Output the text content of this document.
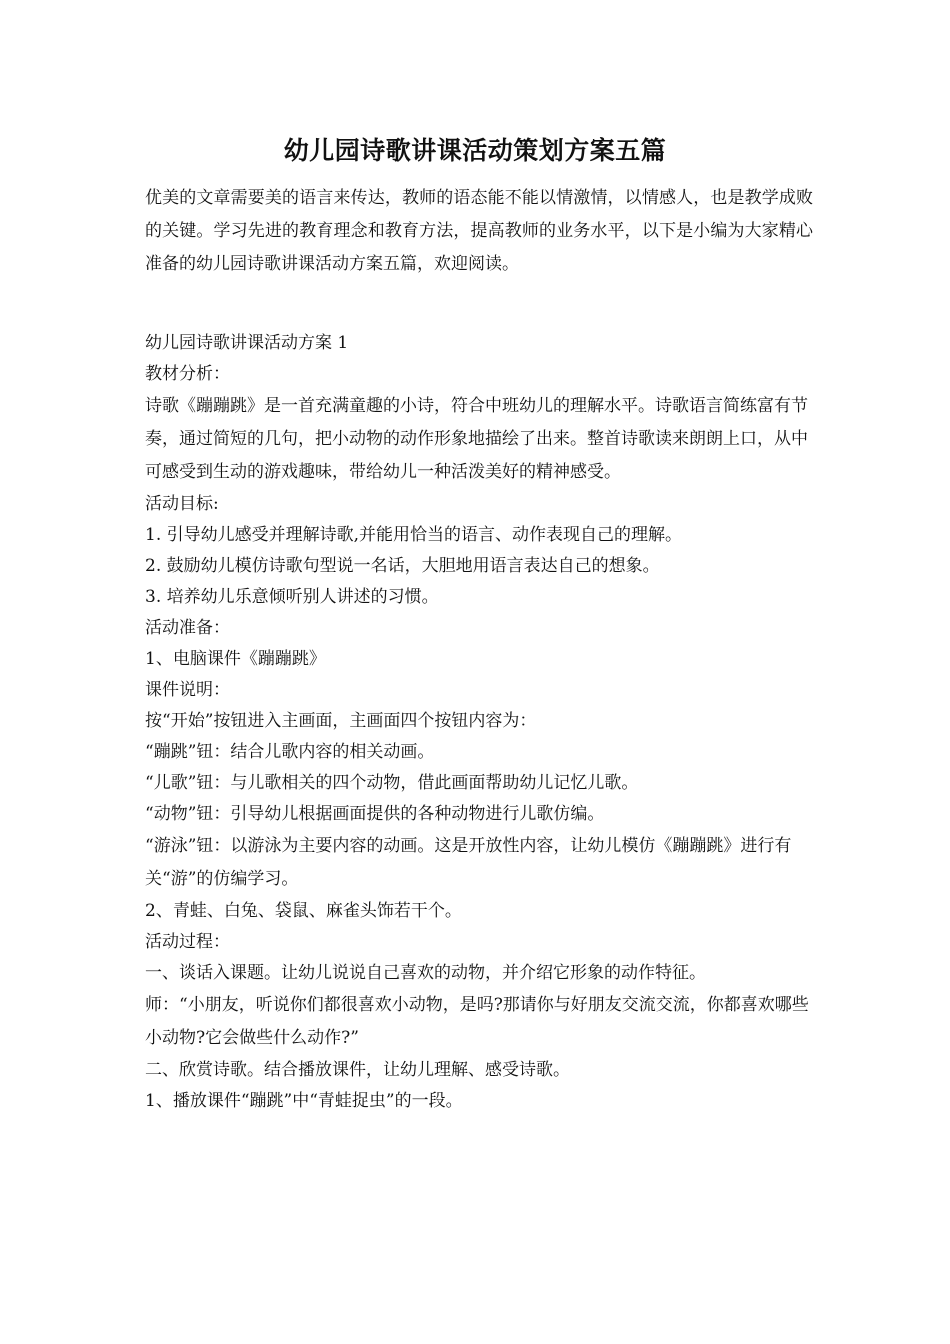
幼儿园诗歌讲课活动策划方案五篇

优美的文章需要美的语言来传达，教师的语态能不能以情激情，以情感人，也是教学成败的关键。学习先进的教育理念和教育方法，提高教师的业务水平，以下是小编为大家精心准备的幼儿园诗歌讲课活动方案五篇，欢迎阅读。

幼儿园诗歌讲课活动方案 1

教材分析：

诗歌《蹦蹦跳》是一首充满童趣的小诗，符合中班幼儿的理解水平。诗歌语言简练富有节奏，通过简短的几句，把小动物的动作形象地描绘了出来。整首诗歌读来朗朗上口，从中可感受到生动的游戏趣味，带给幼儿一种活泼美好的精神感受。

活动目标:

1. 引导幼儿感受并理解诗歌,并能用恰当的语言、动作表现自己的理解。

2. 鼓励幼儿模仿诗歌句型说一名话，大胆地用语言表达自己的想象。

3. 培养幼儿乐意倾听别人讲述的习惯。

活动准备：

1、电脑课件《蹦蹦跳》

课件说明：

按“开始”按钮进入主画面，主画面四个按钮内容为：

“蹦跳”钮：结合儿歌内容的相关动画。

“儿歌”钮：与儿歌相关的四个动物，借此画面帮助幼儿记忆儿歌。

“动物”钮：引导幼儿根据画面提供的各种动物进行儿歌仿编。

“游泳”钮：以游泳为主要内容的动画。这是开放性内容，让幼儿模仿《蹦蹦跳》进行有关“游”的仿编学习。

2、青蛙、白兔、袋鼠、麻雀头饰若干个。

活动过程：

一、谈话入课题。让幼儿说说自己喜欢的动物，并介绍它形象的动作特征。

师：“小朋友，听说你们都很喜欢小动物，是吗?那请你与好朋友交流交流，你都喜欢哪些小动物?它会做些什么动作?”

二、欣赏诗歌。结合播放课件，让幼儿理解、感受诗歌。

1、播放课件“蹦跳”中“青蛙捉虫”的一段。
